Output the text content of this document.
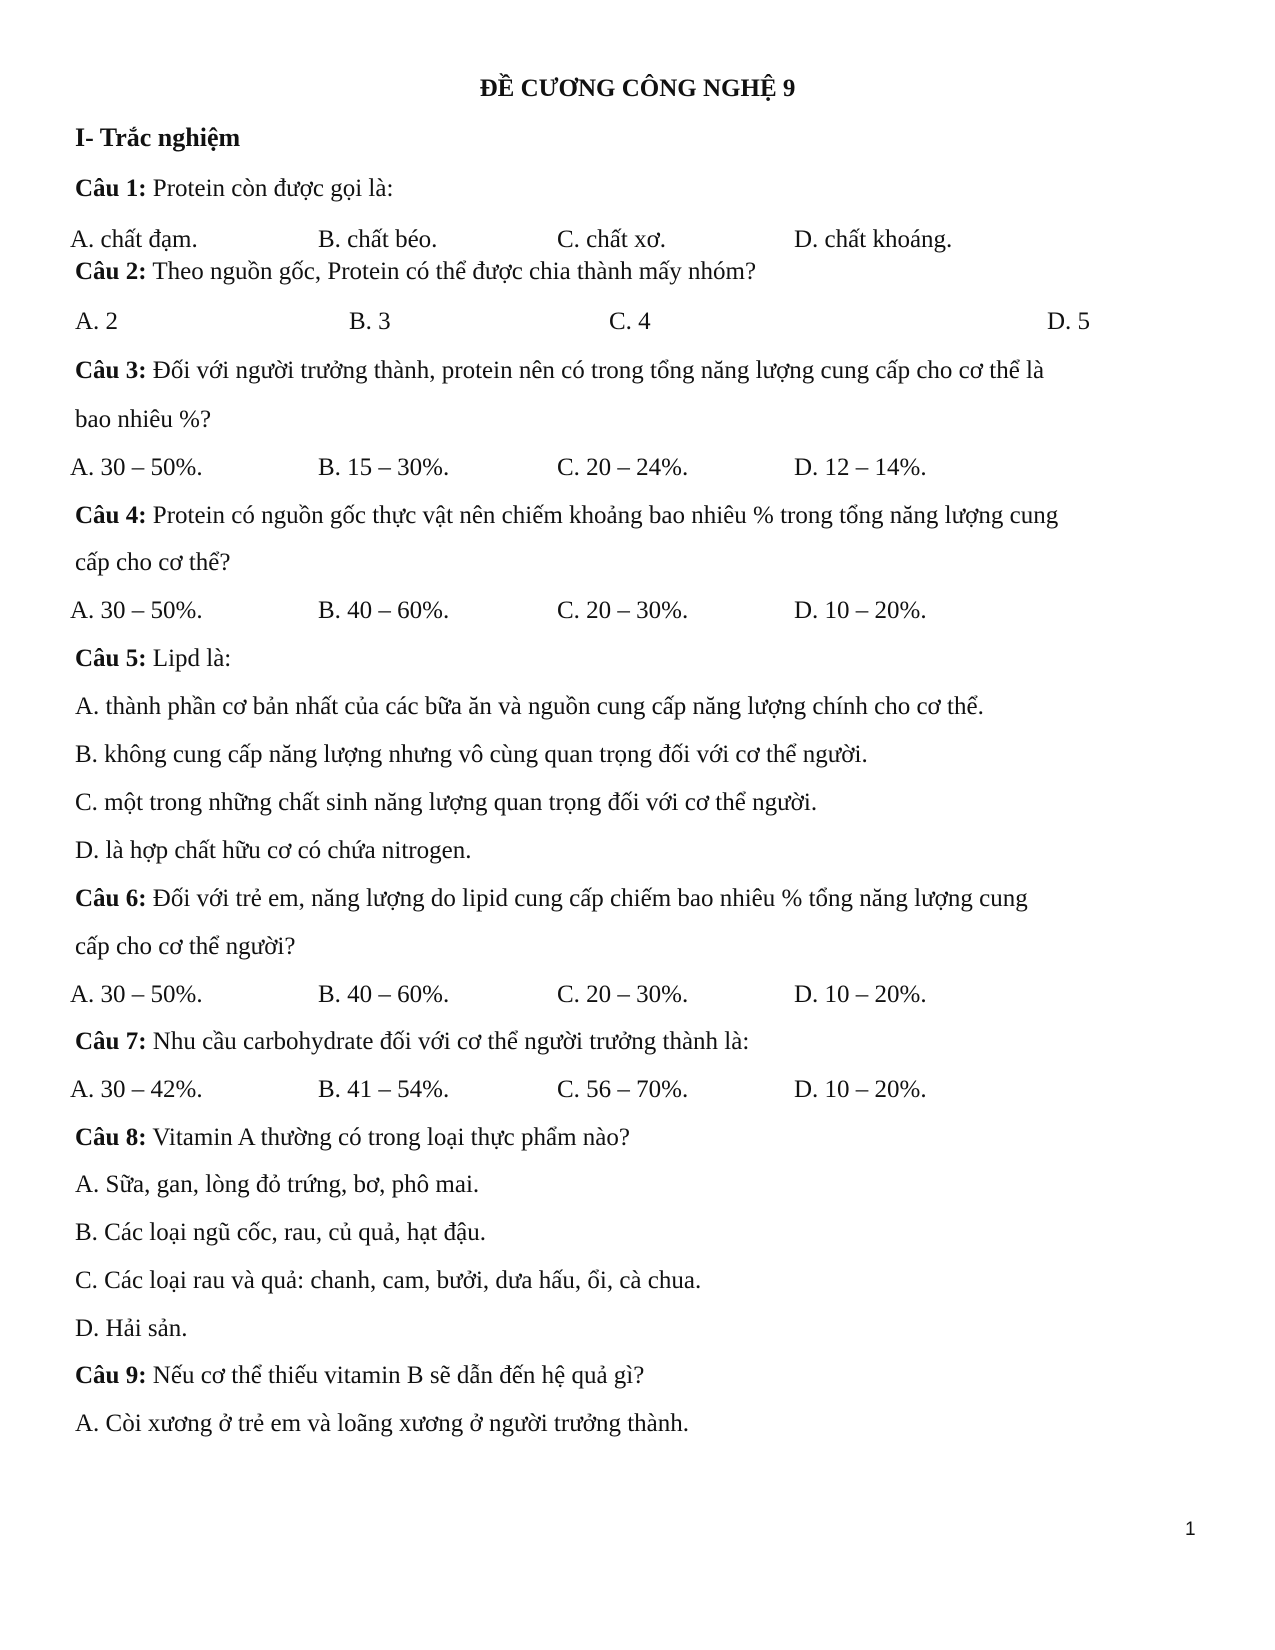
ĐỀ CƯƠNG CÔNG NGHỆ 9
I- Trắc nghiệm
Câu 1: Protein còn được gọi là:
A. chất đạm.	B. chất béo.	C. chất xơ.	D. chất khoáng.
Câu 2: Theo nguồn gốc, Protein có thể được chia thành mấy nhóm?
A. 2	B. 3	C. 4	D. 5
Câu 3: Đối với người trưởng thành, protein nên có trong tổng năng lượng cung cấp cho cơ thể là
bao nhiêu %?
A. 30 – 50%.	B. 15 – 30%.	C. 20 – 24%.	D. 12 – 14%.
Câu 4: Protein có nguồn gốc thực vật nên chiếm khoảng bao nhiêu % trong tổng năng lượng cung
cấp cho cơ thể?
A. 30 – 50%.	B. 40 – 60%.	C. 20 – 30%.	D. 10 – 20%.
Câu 5: Lipd là:
A. thành phần cơ bản nhất của các bữa ăn và nguồn cung cấp năng lượng chính cho cơ thể.
B. không cung cấp năng lượng nhưng vô cùng quan trọng đối với cơ thể người.
C. một trong những chất sinh năng lượng quan trọng đối với cơ thể người.
D. là hợp chất hữu cơ có chứa nitrogen.
Câu 6: Đối với trẻ em, năng lượng do lipid cung cấp chiếm bao nhiêu % tổng năng lượng cung
cấp cho cơ thể người?
A. 30 – 50%.	B. 40 – 60%.	C. 20 – 30%.	D. 10 – 20%.
Câu 7: Nhu cầu carbohydrate đối với cơ thể người trưởng thành là:
A. 30 – 42%.	B. 41 – 54%.	C. 56 – 70%.	D. 10 – 20%.
Câu 8: Vitamin A thường có trong loại thực phẩm nào?
A. Sữa, gan, lòng đỏ trứng, bơ, phô mai.
B. Các loại ngũ cốc, rau, củ quả, hạt đậu.
C. Các loại rau và quả: chanh, cam, bưởi, dưa hấu, ổi, cà chua.
D. Hải sản.
Câu 9: Nếu cơ thể thiếu vitamin B sẽ dẫn đến hệ quả gì?
A. Còi xương ở trẻ em và loãng xương ở người trưởng thành.
1
